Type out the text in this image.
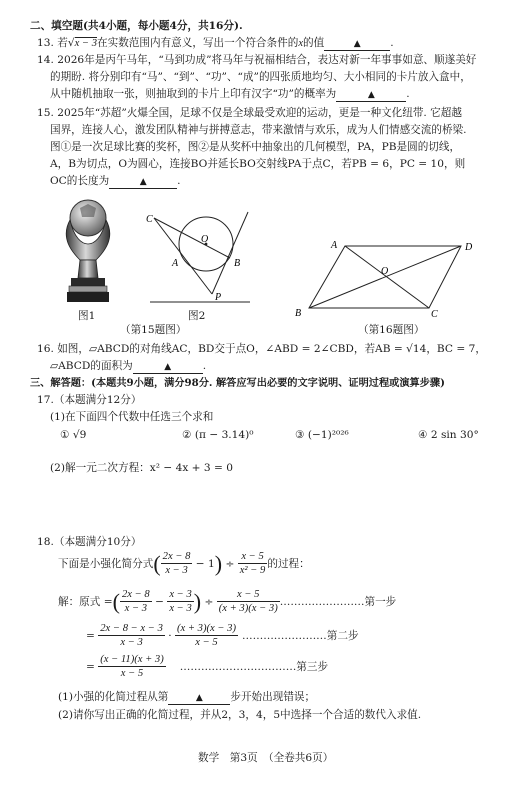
二、填空题(共4小题，每小题4分，共16分).
13. 若√x − 3在实数范围内有意义，写出一个符合条件的x的值	▲	.
14. 2026年是丙午马年，“马到功成”将马年与祝福相结合，表达对新一年事事如意、顺遂美好
的期盼. 将分别印有“马”、“到”、“功”、“成”的四张质地均匀、大小相同的卡片放入盒中，
从中随机抽取一张，则抽取到的卡片上印有汉字“功”的概率为	▲	.
15. 2025年“苏超”火爆全国，足球不仅是全球最受欢迎的运动，更是一种文化纽带. 它超越
国界，连接人心，激发团队精神与拼搏意志，带来激情与欢乐，成为人们情感交流的桥梁.
图①是一次足球比赛的奖杯，图②是从奖杯中抽象出的几何模型，PA，PB是圆的切线，
A，B为切点，O为圆心，连接BO并延长BO交射线PA于点C，若PB = 6，PC = 10，则
OC的长度为	▲	.
图1
C
O
A	B
P
图2
（第15题图）
A	D
O
B	C
（第16题图）
16. 如图，▱ABCD的对角线AC，BD交于点O，∠ABD = 2∠CBD，若AB = √14，BC = 7，
▱ABCD的面积为	▲	.
三、解答题：(本题共9小题，满分98分. 解答应写出必要的文字说明、证明过程或演算步骤)
17.（本题满分12分）
(1)在下面四个代数中任选三个求和
① √9	② (π − 3.14)⁰	③ (−1)²⁰²⁶	④ 2 sin 30°
(2)解一元二次方程：x² − 4x + 3 = 0
18.（本题满分10分）
下面是小强化简分式 ( $\frac{2x - 8}{x - 3} - 1$ ) ÷ $\frac{x - 5}{\text{x² − 9}}$ 的过程：
解：原式 = ( $\frac{2x - 8}{x - 3} - \frac{x - 3}{x - 3}$ ) ÷ $\frac{x - 5}{(x + 3)(x - 3)}$ ……………………第一步
= $\frac{2x - 8 - x - 3}{x - 3} \cdot \frac{(x + 3)(x - 3)}{x - 5}$ ……………………第二步
= $\frac{(x - 11)(x + 3)}{x - 5}$ ……………………………第三步
(1)小强的化简过程从第	▲	步开始出现错误；
(2)请你写出正确的化简过程，并从2，3，4，5中选择一个合适的数代入求值.
数学　第3页　（全卷共6页）
